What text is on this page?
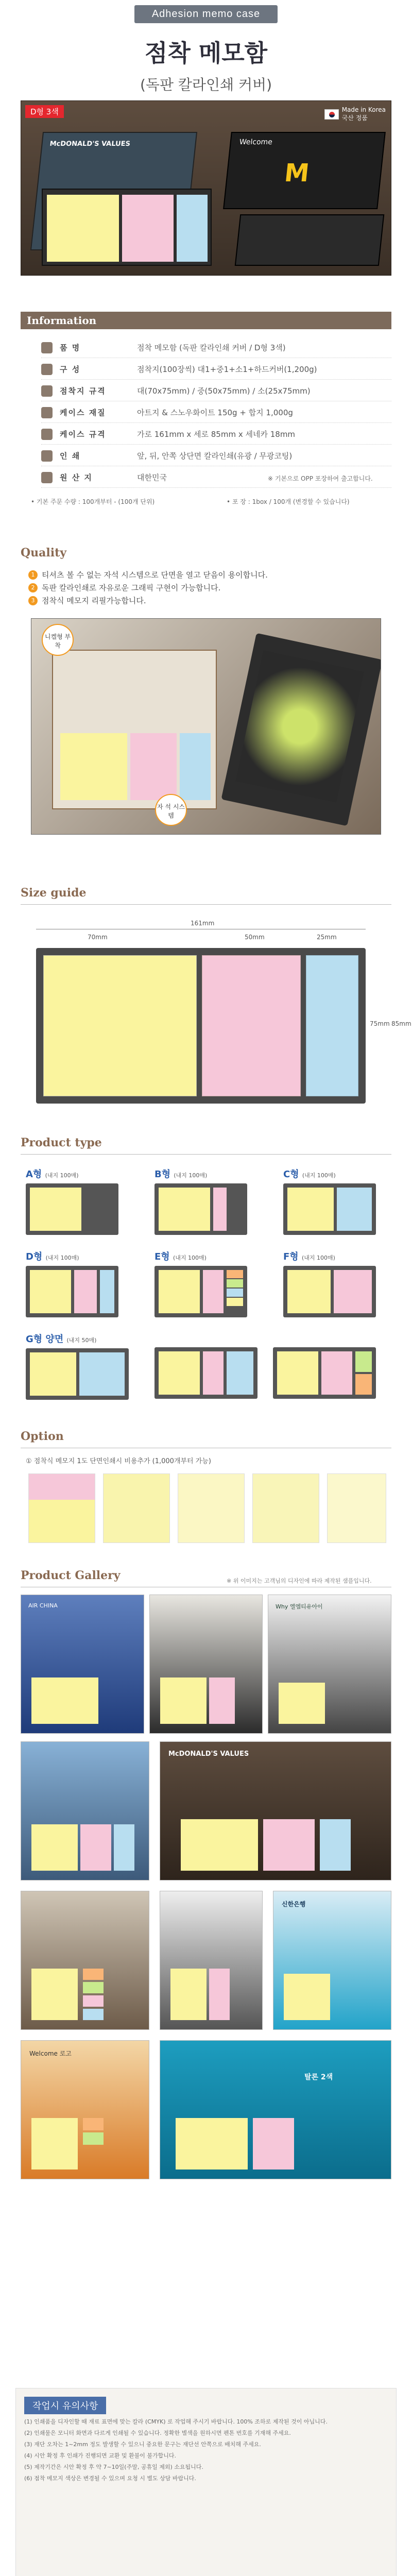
Adhesion memo case
점착 메모함
(독판 칼라인쇄 커버)
D형 3색	Made in Korea
국산 정품
McDONALD'S VALUES	Welcome
M
Information
품 명	점착 메모함 (독판 칼라인쇄 커버 / D형 3색)
구 성	점착지(100장씩) 대1+중1+소1+하드커버(1,200g)
점착지 규격	대(70x75mm) / 중(50x75mm) / 소(25x75mm)
케이스 재질	아트지 & 스노우화이트 150g + 합지 1,000g
케이스 규격	가로 161mm x 세로 85mm x 세네카 18mm
인 쇄	앞, 뒤, 안쪽 상단면 칼라인쇄(유광 / 무광코팅)
원 산 지	대한민국	※ 기본으로 OPP 포장하여 출고합니다.
• 기본 주문 수량 : 100개부터 - (100개 단위)	• 포 장 : 1box / 100개 (변경할 수 있습니다)
Quality
1 티셔츠 볼 수 없는 자석 시스템으로 단면을 열고 닫음이 용이합니다.
2 독판 칼라인쇄로 자유로운 그래픽 구현이 가능합니다.
3 점착식 메모지 리필가능합니다.
니켈형 부 착
자 석 시스템
Size guide
161mm
70mm	50mm	25mm
75mm 85mm
Product type
A형 (내지 100매)	B형 (내지 100매)	C형 (내지 100매)
D형 (내지 100매)	E형 (내지 100매)	F형 (내지 100매)
G형 양면 (내지 50매)
Option
① 점착식 메모지 1도 단면인쇄시 비용추가 (1,000개부터 가능)
Product Gallery	※ 위 이미지는 고객님의 디자인에 따라 제작된 샘플입니다.
AIR CHINA	Why 엘엠티유아이
McDONALD'S VALUES
신한은행
Welcome 로고
탈론 2색
작업시 유의사항
(1) 인쇄품을 디자인할 때 재료 표면에 맞는 칼라 (CMYK) 로 작업해 주시기 바랍니다. 100% 조하로 제작된 것이 아닙니다.
(2) 인쇄물은 모니터 화면과 다르게 인쇄될 수 있습니다. 정확한 별색을 원하시면 펜톤 번호를 기재해 주세요.
(3) 재단 오차는 1~2mm 정도 발생할 수 있으니 중요한 문구는 재단선 안쪽으로 배치해 주세요.
(4) 시안 확정 후 인쇄가 진행되면 교환 및 환불이 불가합니다.
(5) 제작기간은 시안 확정 후 약 7~10일(주말, 공휴일 제외) 소요됩니다.
(6) 점착 메모지 색상은 변경될 수 있으며 요청 시 별도 상담 바랍니다.
